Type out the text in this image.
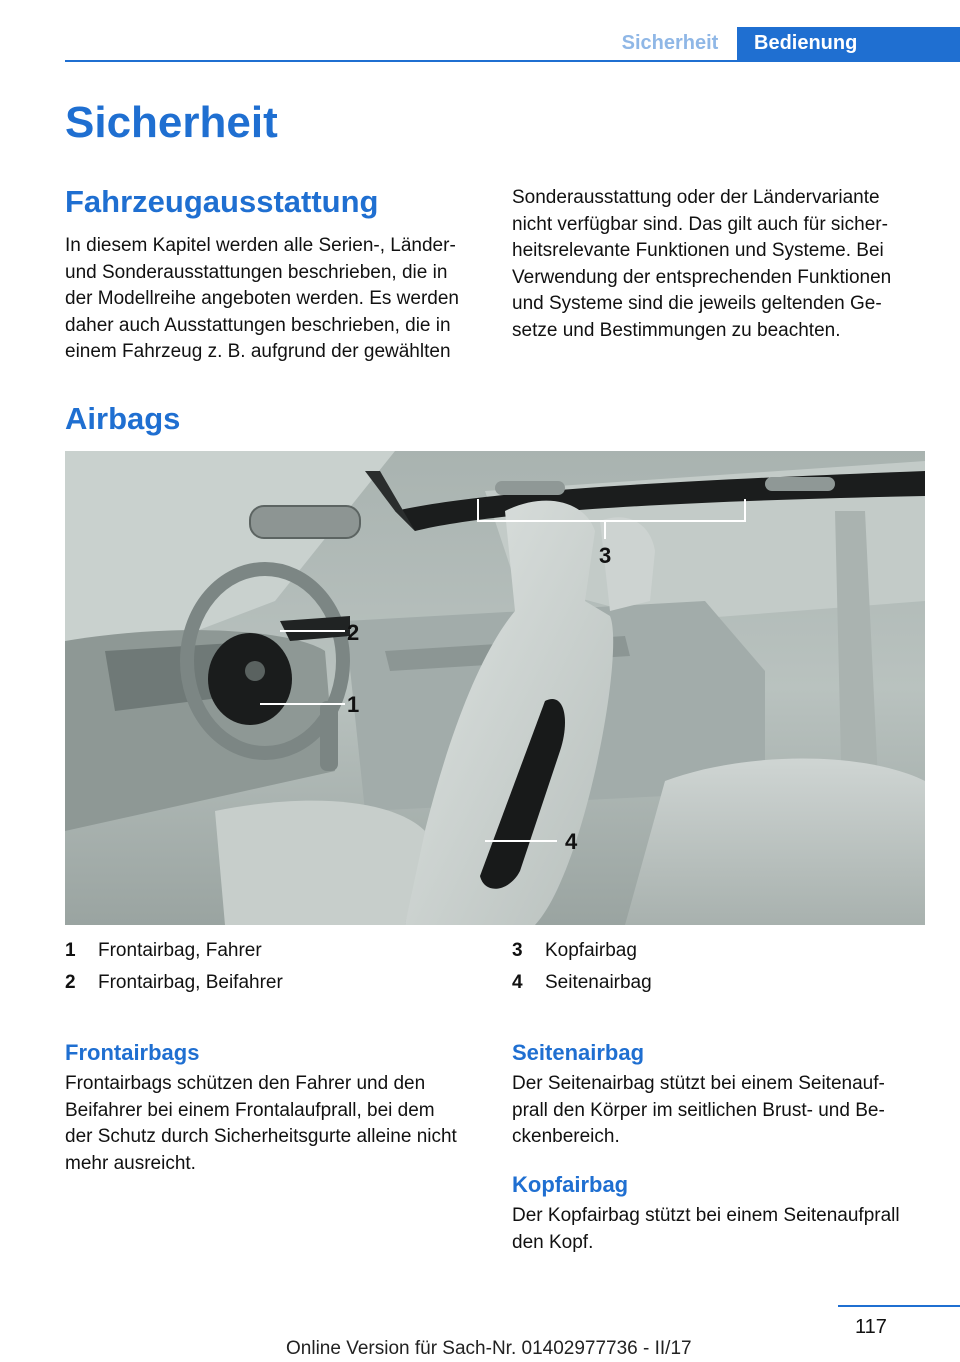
Sicherheit	Bedienung
Sicherheit
Fahrzeugausstattung
In diesem Kapitel werden alle Serien-, Länder-
und Sonderausstattungen beschrieben, die in
der Modellreihe angeboten werden. Es werden
daher auch Ausstattungen beschrieben, die in
einem Fahrzeug z. B. aufgrund der gewählten
Sonderausstattung oder der Ländervariante
nicht verfügbar sind. Das gilt auch für sicher-
heitsrelevante Funktionen und Systeme. Bei
Verwendung der entsprechenden Funktionen
und Systeme sind die jeweils geltenden Ge-
setze und Bestimmungen zu beachten.
Airbags
1
2
3
4
1 Frontairbag, Fahrer
2 Frontairbag, Beifahrer
3 Kopfairbag
4 Seitenairbag
Frontairbags
Frontairbags schützen den Fahrer und den
Beifahrer bei einem Frontalaufprall, bei dem
der Schutz durch Sicherheitsgurte alleine nicht
mehr ausreicht.
Seitenairbag
Der Seitenairbag stützt bei einem Seitenauf-
prall den Körper im seitlichen Brust- und Be-
ckenbereich.
Kopfairbag
Der Kopfairbag stützt bei einem Seitenaufprall
den Kopf.
117
Online Version für Sach-Nr. 01402977736 - II/17
